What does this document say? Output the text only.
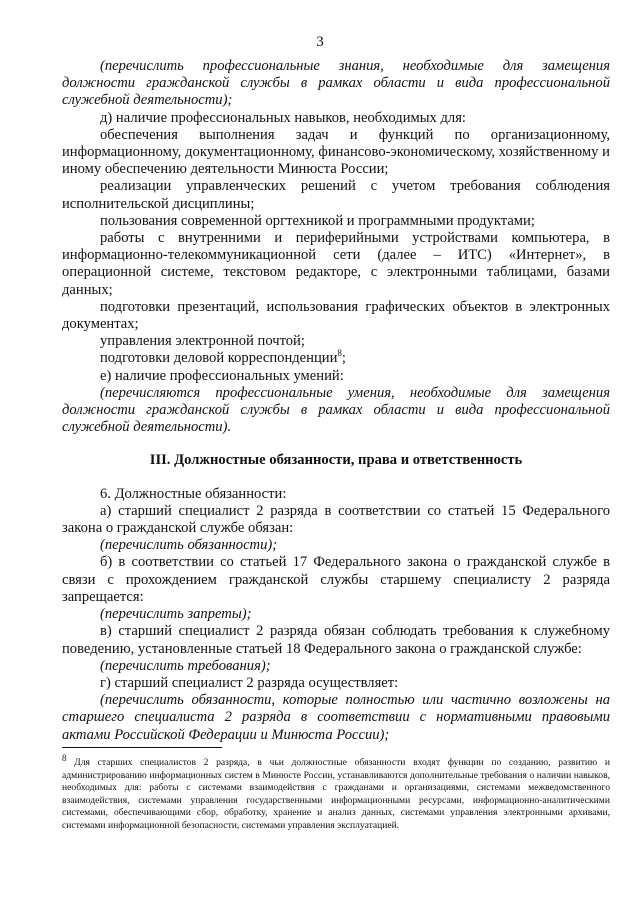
3

(перечислить профессиональные знания, необходимые для замещения должности гражданской службы в рамках области и вида профессиональной служебной деятельности);

д) наличие профессиональных навыков, необходимых для:

обеспечения выполнения задач и функций по организационному, информационному, документационному, финансово-экономическому, хозяйственному и иному обеспечению деятельности Минюста России;

реализации управленческих решений с учетом требования соблюдения исполнительской дисциплины;

пользования современной оргтехникой и программными продуктами;

работы с внутренними и периферийными устройствами компьютера, в информационно-телекоммуникационной сети (далее – ИТС) «Интернет», в операционной системе, текстовом редакторе, с электронными таблицами, базами данных;

подготовки презентаций, использования графических объектов в электронных документах;

управления электронной почтой;

подготовки деловой корреспонденции$^8$;

е) наличие профессиональных умений:

(перечисляются профессиональные умения, необходимые для замещения должности гражданской службы в рамках области и вида профессиональной служебной деятельности).

III. Должностные обязанности, права и ответственность

6. Должностные обязанности:

а) старший специалист 2 разряда в соответствии со статьей 15 Федерального закона о гражданской службе обязан:

(перечислить обязанности);

б) в соответствии со статьей 17 Федерального закона о гражданской службе в связи с прохождением гражданской службы старшему специалисту 2 разряда запрещается:

(перечислить запреты);

в) старший специалист 2 разряда обязан соблюдать требования к служебному поведению, установленные статьей 18 Федерального закона о гражданской службе:

(перечислить требования);

г) старший специалист 2 разряда осуществляет:

(перечислить обязанности, которые полностью или частично возложены на старшего специалиста 2 разряда в соответствии с нормативными правовыми актами Российской Федерации и Минюста России);

$^8$ Для старших специалистов 2 разряда, в чьи должностные обязанности входят функции по созданию, развитию и администрированию информационных систем в Минюсте России, устанавливаются дополнительные требования о наличии навыков, необходимых для: работы с системами взаимодействия с гражданами и организациями, системами межведомственного взаимодействия, системами управления государственными информационными ресурсами, информационно-аналитическими системами, обеспечивающими сбор, обработку, хранение и анализ данных, системами управления электронными архивами, системами информационной безопасности, системами управления эксплуатацией.
